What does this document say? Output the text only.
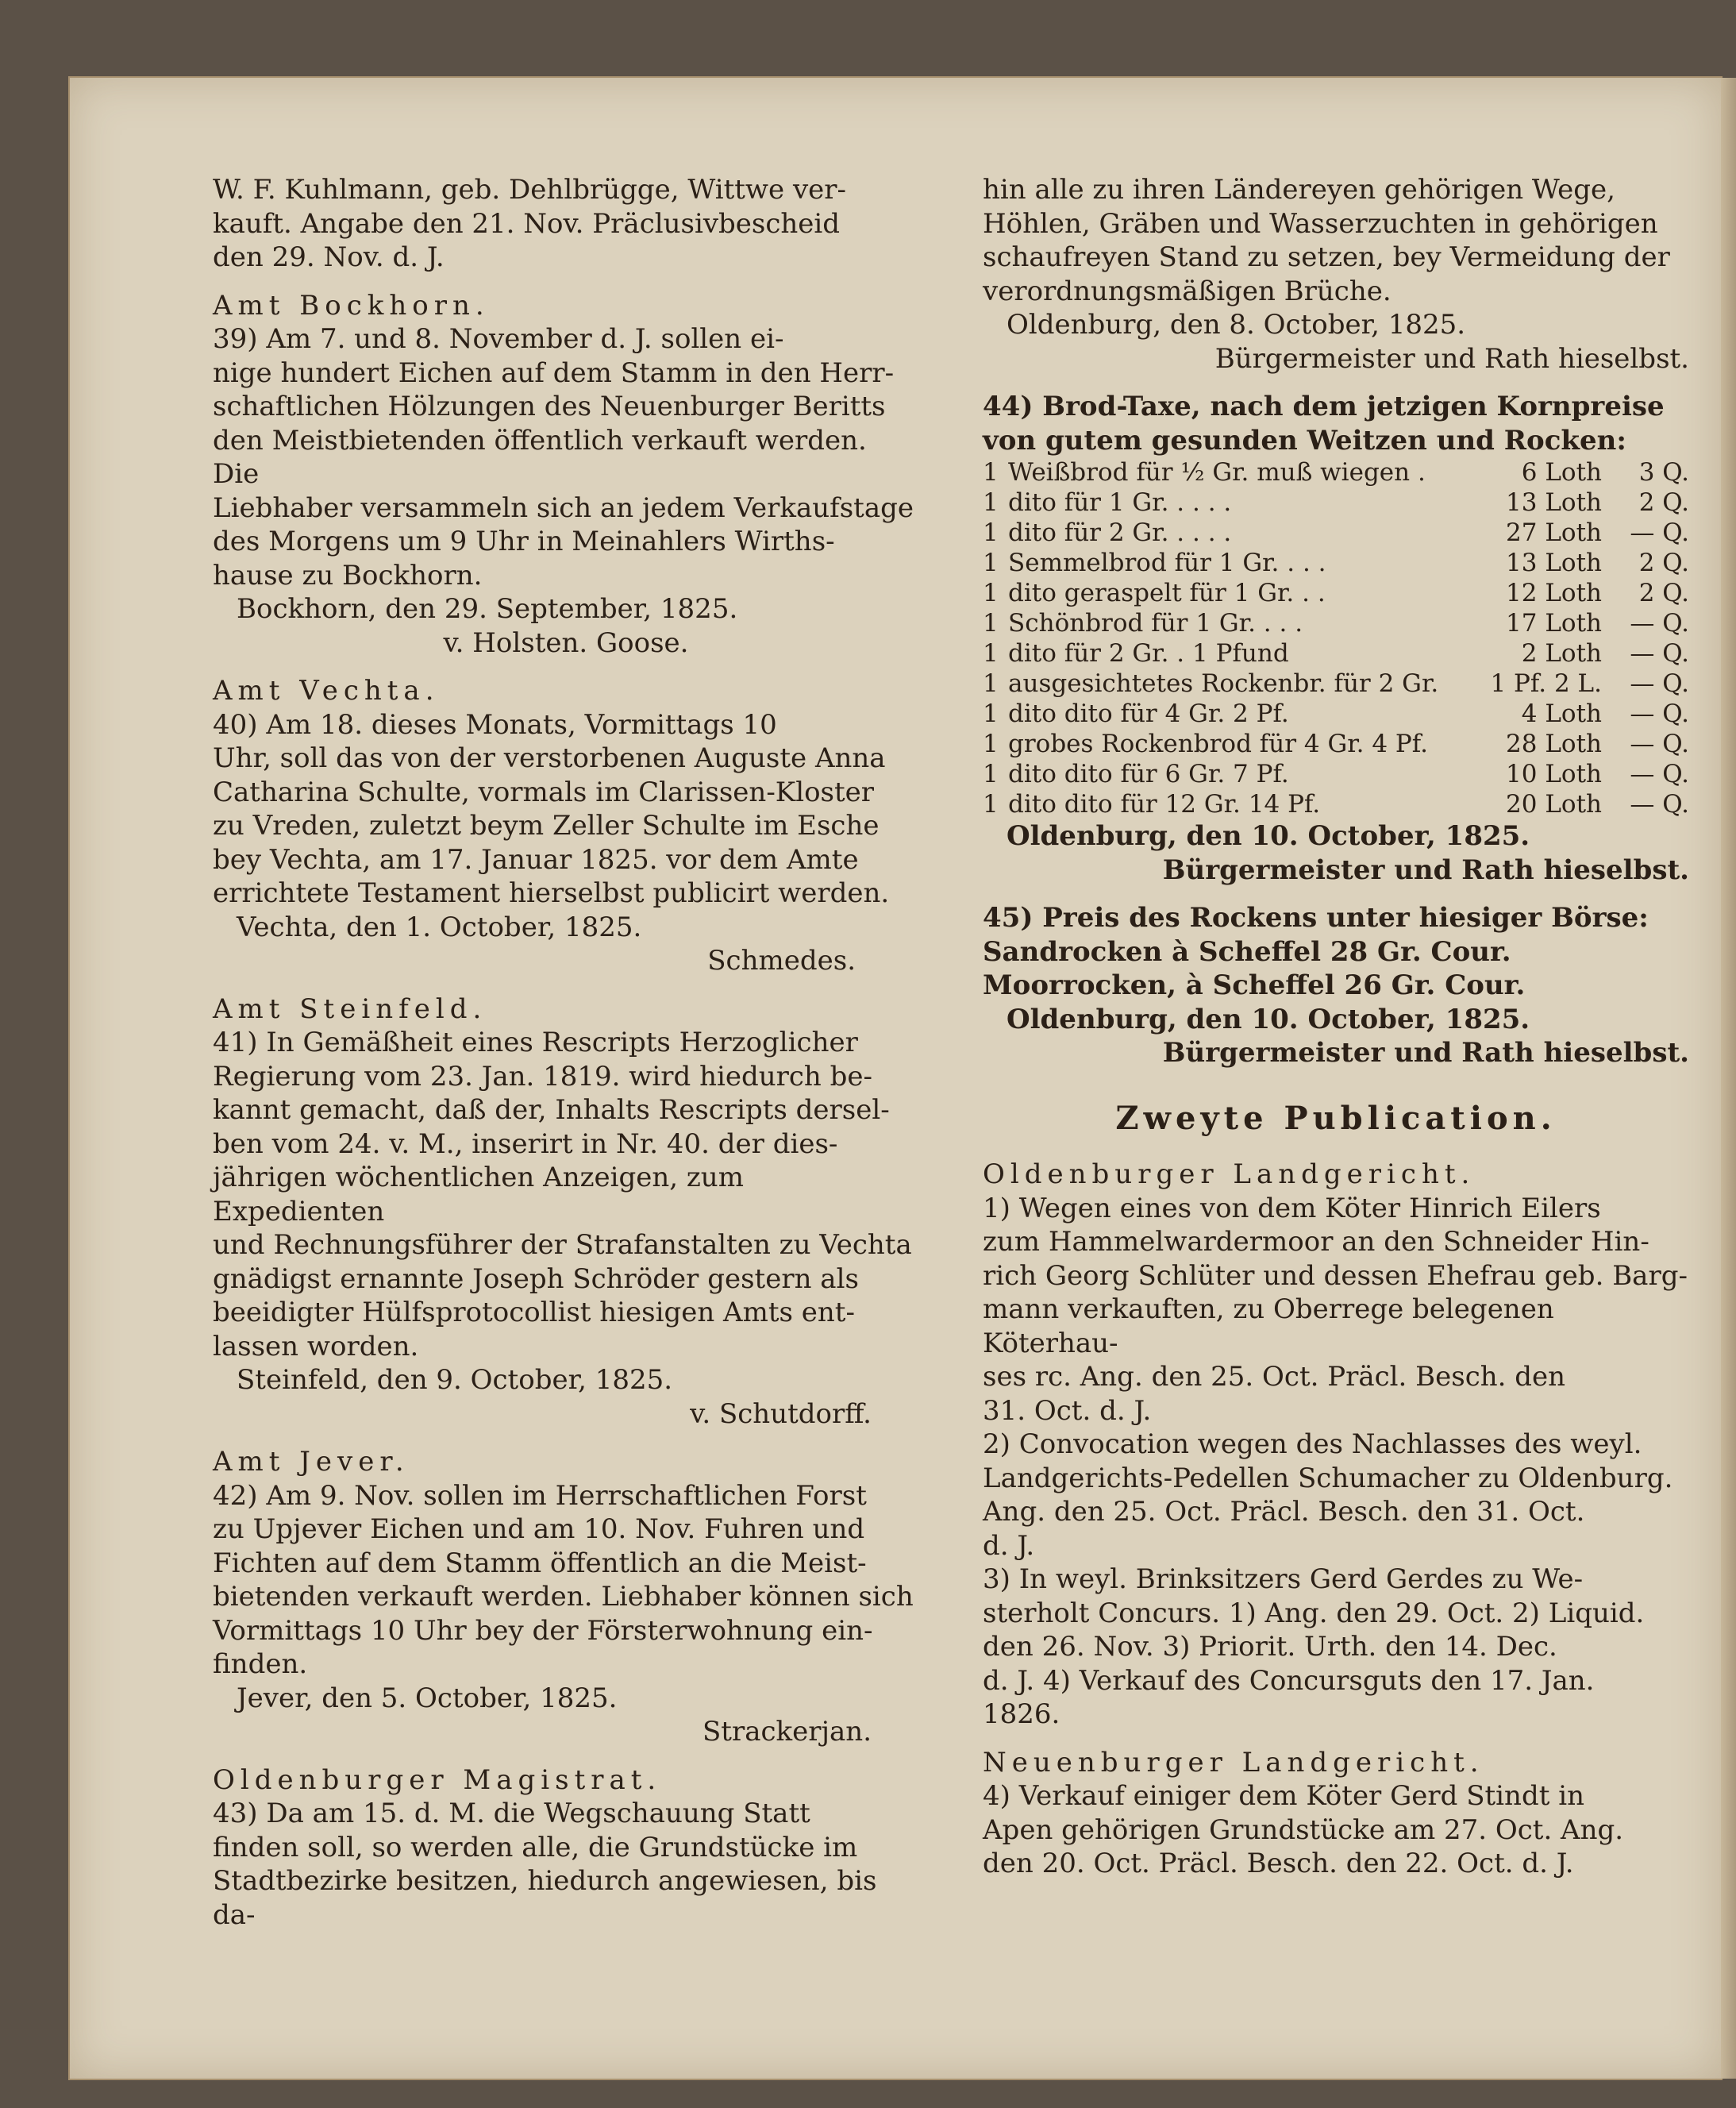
W. F. Kuhlmann, geb. Dehlbrügge, Wittwe ver-

kauft. Angabe den 21. Nov. Präclusivbescheid

den 29. Nov. d. J.

Amt Bockhorn.

39) Am 7. und 8. November d. J. sollen ei-

nige hundert Eichen auf dem Stamm in den Herr-

schaftlichen Hölzungen des Neuenburger Beritts

den Meistbietenden öffentlich verkauft werden. Die

Liebhaber versammeln sich an jedem Verkaufstage

des Morgens um 9 Uhr in Meinahlers Wirths-

hause zu Bockhorn.

Bockhorn, den 29. September, 1825.

v. Holsten. Goose.

Amt Vechta.

40) Am 18. dieses Monats, Vormittags 10

Uhr, soll das von der verstorbenen Auguste Anna

Catharina Schulte, vormals im Clarissen-Kloster

zu Vreden, zuletzt beym Zeller Schulte im Esche

bey Vechta, am 17. Januar 1825. vor dem Amte

errichtete Testament hierselbst publicirt werden.

Vechta, den 1. October, 1825.

Schmedes.

Amt Steinfeld.

41) In Gemäßheit eines Rescripts Herzoglicher

Regierung vom 23. Jan. 1819. wird hiedurch be-

kannt gemacht, daß der, Inhalts Rescripts dersel-

ben vom 24. v. M., inserirt in Nr. 40. der dies-

jährigen wöchentlichen Anzeigen, zum Expedienten

und Rechnungsführer der Strafanstalten zu Vechta

gnädigst ernannte Joseph Schröder gestern als

beeidigter Hülfsprotocollist hiesigen Amts ent-

lassen worden.

Steinfeld, den 9. October, 1825.

v. Schutdorff.

Amt Jever.

42) Am 9. Nov. sollen im Herrschaftlichen Forst

zu Upjever Eichen und am 10. Nov. Fuhren und

Fichten auf dem Stamm öffentlich an die Meist-

bietenden verkauft werden. Liebhaber können sich

Vormittags 10 Uhr bey der Försterwohnung ein-

finden.

Jever, den 5. October, 1825.

Strackerjan.

Oldenburger Magistrat.

43) Da am 15. d. M. die Wegschauung Statt

finden soll, so werden alle, die Grundstücke im

Stadtbezirke besitzen, hiedurch angewiesen, bis da-

hin alle zu ihren Ländereyen gehörigen Wege,

Höhlen, Gräben und Wasserzuchten in gehörigen

schaufreyen Stand zu setzen, bey Vermeidung der

verordnungsmäßigen Brüche.

Oldenburg, den 8. October, 1825.

Bürgermeister und Rath hieselbst.

44) Brod-Taxe, nach dem jetzigen Kornpreise

von gutem gesunden Weitzen und Rocken:

1	Weißbrod für ½ Gr. muß wiegen .	6 Loth	3 Q.
1	dito für 1 Gr. . . . .	13 Loth	2 Q.
1	dito für 2 Gr. . . . .	27 Loth	— Q.
1	Semmelbrod für 1 Gr. . . .	13 Loth	2 Q.
1	dito geraspelt für 1 Gr. . .	12 Loth	2 Q.
1	Schönbrod für 1 Gr. . . .	17 Loth	— Q.
1	dito für 2 Gr. . 1 Pfund	2 Loth	— Q.
1	ausgesichtetes Rockenbr. für 2 Gr.	1 Pf. 2 L.	— Q.
1	dito dito für 4 Gr. 2 Pf.	4 Loth	— Q.
1	grobes Rockenbrod für 4 Gr. 4 Pf.	28 Loth	— Q.
1	dito dito für 6 Gr. 7 Pf.	10 Loth	— Q.
1	dito dito für 12 Gr. 14 Pf.	20 Loth	— Q.

Oldenburg, den 10. October, 1825.

Bürgermeister und Rath hieselbst.

45) Preis des Rockens unter hiesiger Börse:

Sandrocken à Scheffel 28 Gr. Cour.

Moorrocken, à Scheffel 26 Gr. Cour.

Oldenburg, den 10. October, 1825.

Bürgermeister und Rath hieselbst.

Zweyte Publication.

Oldenburger Landgericht.

1) Wegen eines von dem Köter Hinrich Eilers

zum Hammelwardermoor an den Schneider Hin-

rich Georg Schlüter und dessen Ehefrau geb. Barg-

mann verkauften, zu Oberrege belegenen Köterhau-

ses rc. Ang. den 25. Oct. Präcl. Besch. den

31. Oct. d. J.

2) Convocation wegen des Nachlasses des weyl.

Landgerichts-Pedellen Schumacher zu Oldenburg.

Ang. den 25. Oct. Präcl. Besch. den 31. Oct.

d. J.

3) In weyl. Brinksitzers Gerd Gerdes zu We-

sterholt Concurs. 1) Ang. den 29. Oct. 2) Liquid.

den 26. Nov. 3) Priorit. Urth. den 14. Dec.

d. J. 4) Verkauf des Concursguts den 17. Jan.

1826.

Neuenburger Landgericht.

4) Verkauf einiger dem Köter Gerd Stindt in

Apen gehörigen Grundstücke am 27. Oct. Ang.

den 20. Oct. Präcl. Besch. den 22. Oct. d. J.
